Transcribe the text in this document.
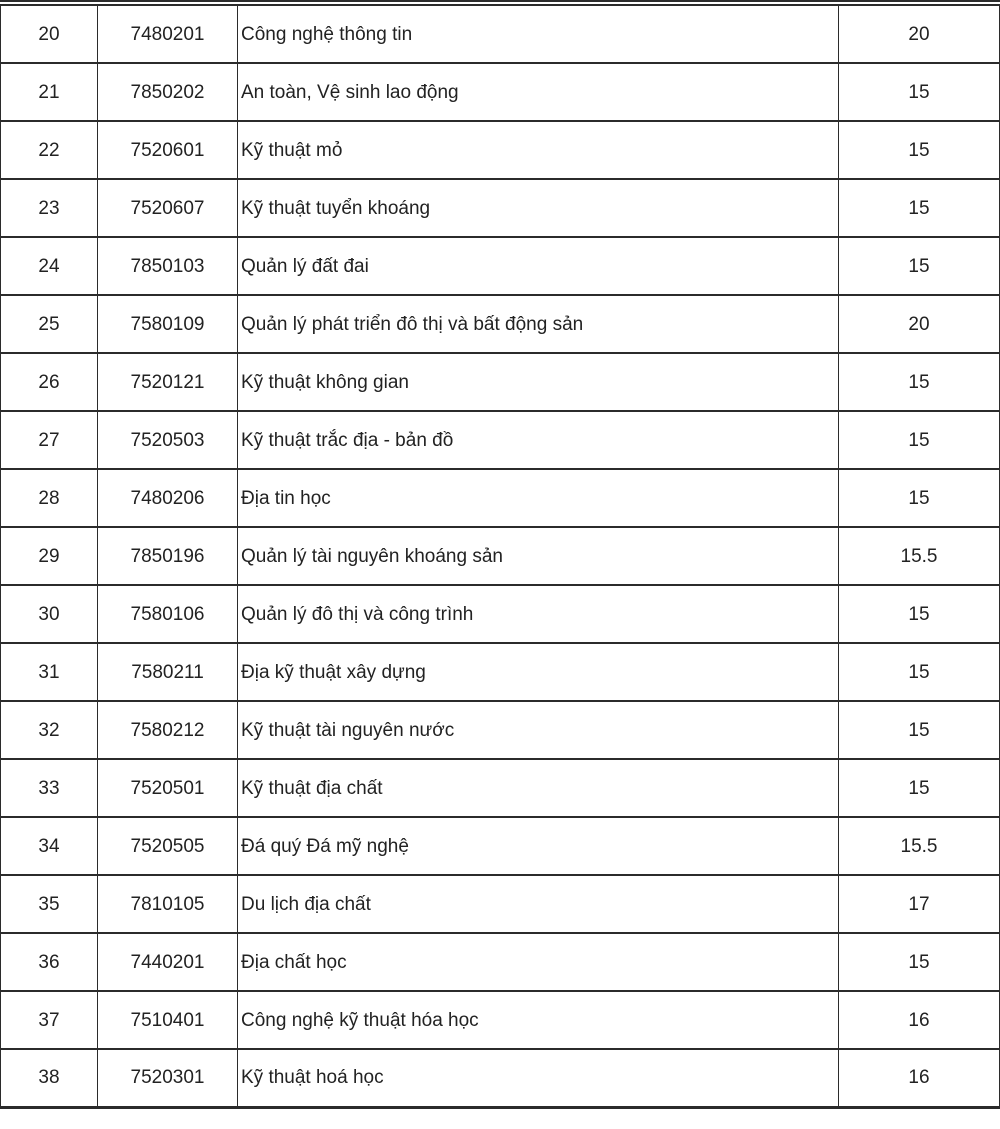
20	7480201	Công nghệ thông tin	20
21	7850202	An toàn, Vệ sinh lao động	15
22	7520601	Kỹ thuật mỏ	15
23	7520607	Kỹ thuật tuyển khoáng	15
24	7850103	Quản lý đất đai	15
25	7580109	Quản lý phát triển đô thị và bất động sản	20
26	7520121	Kỹ thuật không gian	15
27	7520503	Kỹ thuật trắc địa - bản đồ	15
28	7480206	Địa tin học	15
29	7850196	Quản lý tài nguyên khoáng sản	15.5
30	7580106	Quản lý đô thị và công trình	15
31	7580211	Địa kỹ thuật xây dựng	15
32	7580212	Kỹ thuật tài nguyên nước	15
33	7520501	Kỹ thuật địa chất	15
34	7520505	Đá quý Đá mỹ nghệ	15.5
35	7810105	Du lịch địa chất	17
36	7440201	Địa chất học	15
37	7510401	Công nghệ kỹ thuật hóa học	16
38	7520301	Kỹ thuật hoá học	16
